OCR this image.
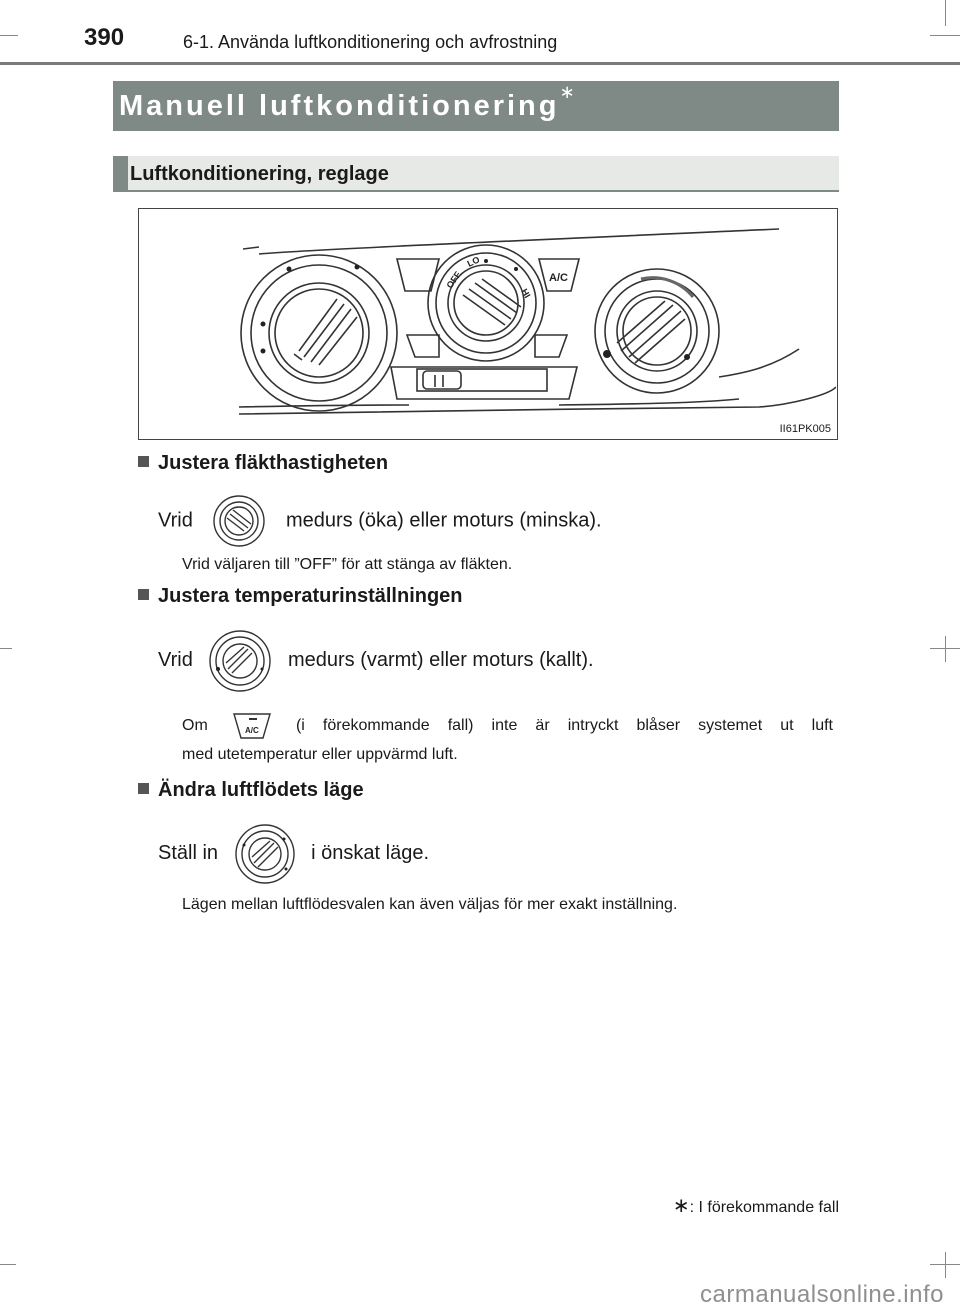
390	6-1. Använda luftkonditionering och avfrostning
Manuell luftkonditionering∗
Luftkonditionering, reglage
OFF
LO
HI
A/C
II61PK005
Justera fläkthastigheten
Vrid	medurs (öka) eller moturs (minska).
Vrid väljaren till ”OFF” för att stänga av fläkten.
Justera temperaturinställningen
Vrid	medurs (varmt) eller moturs (kallt).
Om	A/C (i förekommande fall) inte är intryckt blåser systemet ut luft
med utetemperatur eller uppvärmd luft.
Ändra luftflödets läge
Ställ in	i önskat läge.
Lägen mellan luftflödesvalen kan även väljas för mer exakt inställning.
∗: I förekommande fall
carmanualsonline.info
